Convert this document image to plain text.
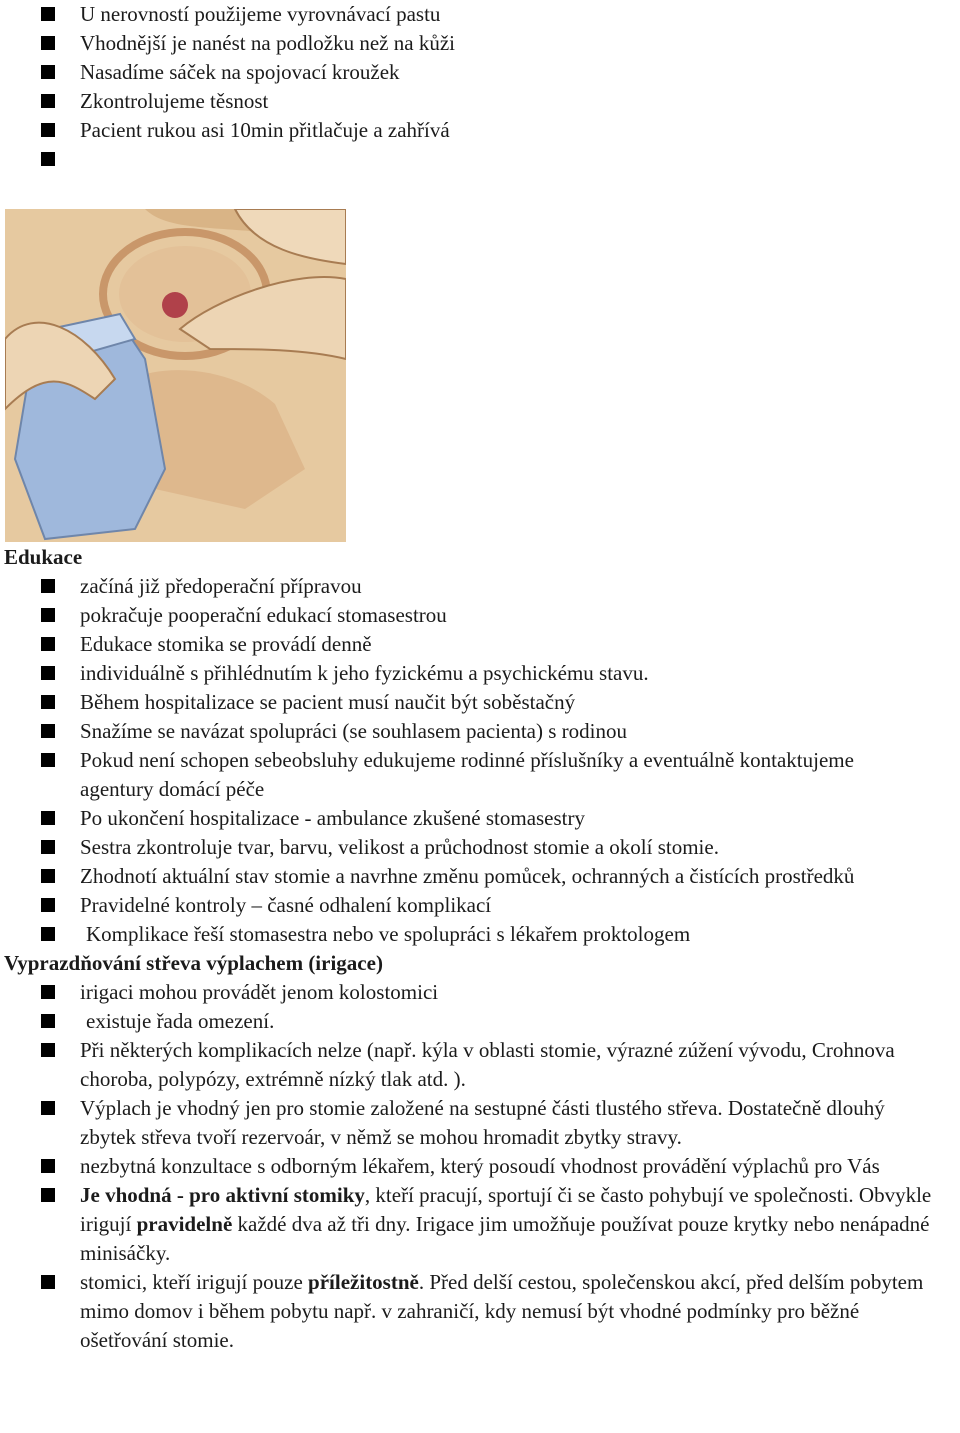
U nerovností použijeme vyrovnávací pastu
Vhodnější je nanést na podložku než na kůži
Nasadíme sáček na spojovací kroužek
Zkontrolujeme těsnost
Pacient rukou asi 10min přitlačuje a zahřívá

Edukace
začíná již předoperační přípravou
pokračuje pooperační edukací stomasestrou
Edukace stomika se provádí denně
individuálně s přihlédnutím k jeho fyzickému a psychickému stavu.
Během hospitalizace se pacient musí naučit být soběstačný
Snažíme se navázat spolupráci (se souhlasem pacienta) s rodinou
Pokud není schopen sebeobsluhy edukujeme rodinné příslušníky a eventuálně kontaktujeme agentury domácí péče
Po ukončení hospitalizace - ambulance zkušené stomasestry
Sestra zkontroluje tvar, barvu, velikost a průchodnost stomie a okolí stomie.
Zhodnotí aktuální stav stomie a navrhne změnu pomůcek, ochranných a čistících prostředků
Pravidelné kontroly – časné odhalení komplikací
Komplikace řeší stomasestra nebo ve spolupráci s lékařem proktologem
Vyprazdňování střeva výplachem (irigace)
irigaci mohou provádět jenom kolostomici
existuje řada omezení.
Při některých komplikacích nelze (např. kýla v oblasti stomie, výrazné zúžení vývodu, Crohnova choroba, polypózy, extrémně nízký tlak atd. ).
Výplach je vhodný jen pro stomie založené na sestupné části tlustého střeva. Dostatečně dlouhý zbytek střeva tvoří rezervoár, v němž se mohou hromadit zbytky stravy.
nezbytná konzultace s odborným lékařem, který posoudí vhodnost provádění výplachů pro Vás
Je vhodná - pro aktivní stomiky, kteří pracují, sportují či se často pohybují ve společnosti. Obvykle irigují pravidelně každé dva až tři dny. Irigace jim umožňuje používat pouze krytky nebo nenápadné minisáčky.
stomici, kteří irigují pouze příležitostně. Před delší cestou, společenskou akcí, před delším pobytem mimo domov i během pobytu např. v zahraničí, kdy nemusí být vhodné podmínky pro běžné ošetřování stomie.
